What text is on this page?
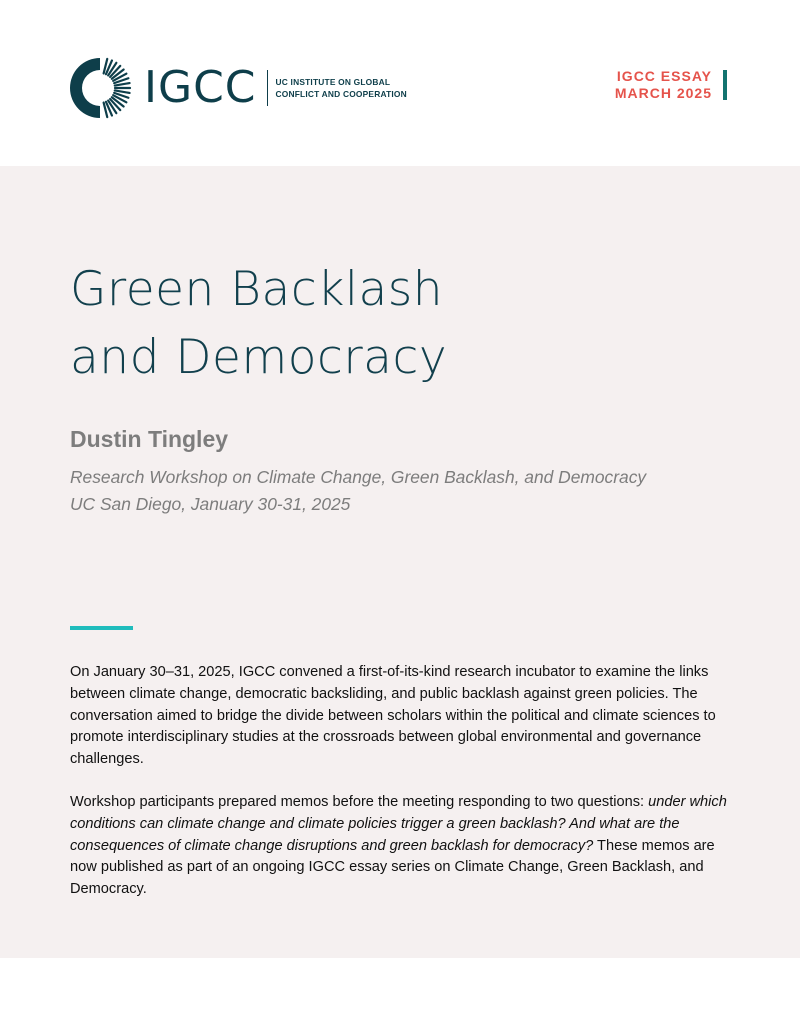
IGCC UC INSTITUTE ON GLOBAL
CONFLICT AND COOPERATION
IGCC ESSAY
MARCH 2025
Green Backlash
and Democracy
Dustin Tingley
Research Workshop on Climate Change, Green Backlash, and Democracy
UC San Diego, January 30-31, 2025

On January 30–31, 2025, IGCC convened a first-of-its-kind research incubator to examine the links between climate change, democratic backsliding, and public backlash against green policies. The conversation aimed to bridge the divide between scholars within the political and climate sciences to promote interdisciplinary studies at the crossroads between global environmental and governance challenges.

Workshop participants prepared memos before the meeting responding to two questions: under which conditions can climate change and climate policies trigger a green backlash? And what are the consequences of climate change disruptions and green backlash for democracy? These memos are now published as part of an ongoing IGCC essay series on Climate Change, Green Backlash, and Democracy.
